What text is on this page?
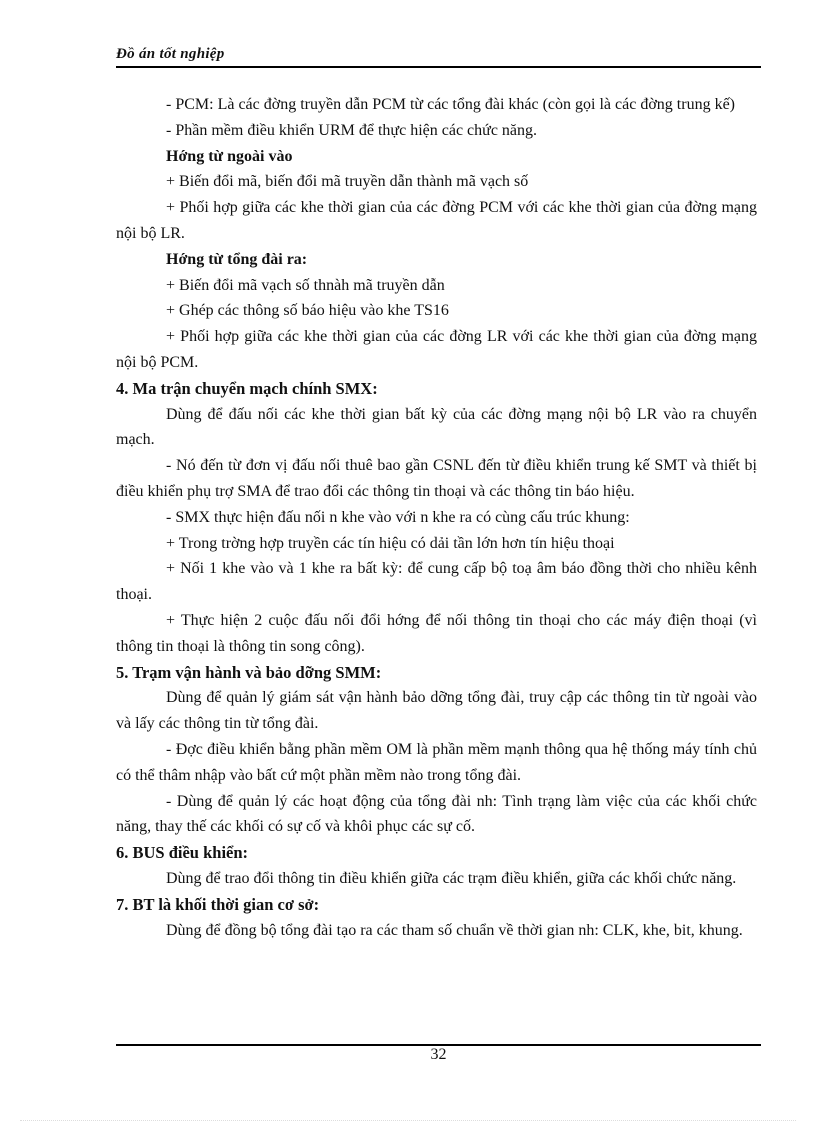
Đồ án tốt nghiệp

- PCM: Là các đờng truyền dẫn PCM từ các tổng đài khác (còn gọi là các đờng trung kế)

- Phần mềm điều khiển URM để thực hiện các chức năng.

Hớng từ ngoài vào

+ Biến đổi mã, biến đổi mã truyền dẫn thành mã vạch số

+ Phối hợp giữa các khe thời gian của các đờng PCM với các khe thời gian của đờng mạng nội bộ LR.

Hớng từ tổng đài ra:

+ Biến đổi mã vạch số thnàh mã truyền dẫn

+ Ghép các thông số báo hiệu vào khe TS16

+ Phối hợp giữa các khe thời gian của các đờng LR với các khe thời gian của đờng mạng nội bộ PCM.

4. Ma trận chuyển mạch chính SMX:

Dùng để đấu nối các khe thời gian bất kỳ của các đờng mạng nội bộ LR vào ra chuyển mạch.

- Nó đến từ đơn vị đấu nối thuê bao gần CSNL đến từ điều khiển trung kế SMT và thiết bị điều khiển phụ trợ SMA để trao đổi các thông tin thoại và các thông tin báo hiệu.

- SMX thực hiện đấu nối n khe vào với n khe ra có cùng cấu trúc khung:

+ Trong trờng hợp truyền các tín hiệu có dải tần lớn hơn tín hiệu thoại

+ Nối 1 khe vào và 1 khe ra bất kỳ: để cung cấp bộ toạ âm báo đồng thời cho nhiều kênh thoại.

+ Thực hiện 2 cuộc đấu nối đổi hớng để nối thông tin thoại cho các máy điện thoại (vì thông tin thoại là thông tin song công).

5. Trạm vận hành và bảo dỡng SMM:

Dùng để quản lý giám sát vận hành bảo dỡng tổng đài, truy cập các thông tin từ ngoài vào và lấy các thông tin từ tổng đài.

- Đợc điều khiển bằng phần mềm OM là phần mềm mạnh thông qua hệ thống máy tính chủ có thể thâm nhập vào bất cứ một phần mềm nào trong tổng đài.

- Dùng để quản lý các hoạt động của tổng đài nh: Tình trạng làm việc của các khối chức năng, thay thế các khối có sự cố và khôi phục các sự cố.

6. BUS điều khiển:

Dùng để trao đổi thông tin điều khiển giữa các trạm điều khiển, giữa các khối chức năng.

7. BT là khối thời gian cơ sở:

Dùng để đồng bộ tổng đài tạo ra các tham số chuẩn về thời gian nh: CLK, khe, bit, khung.

32
